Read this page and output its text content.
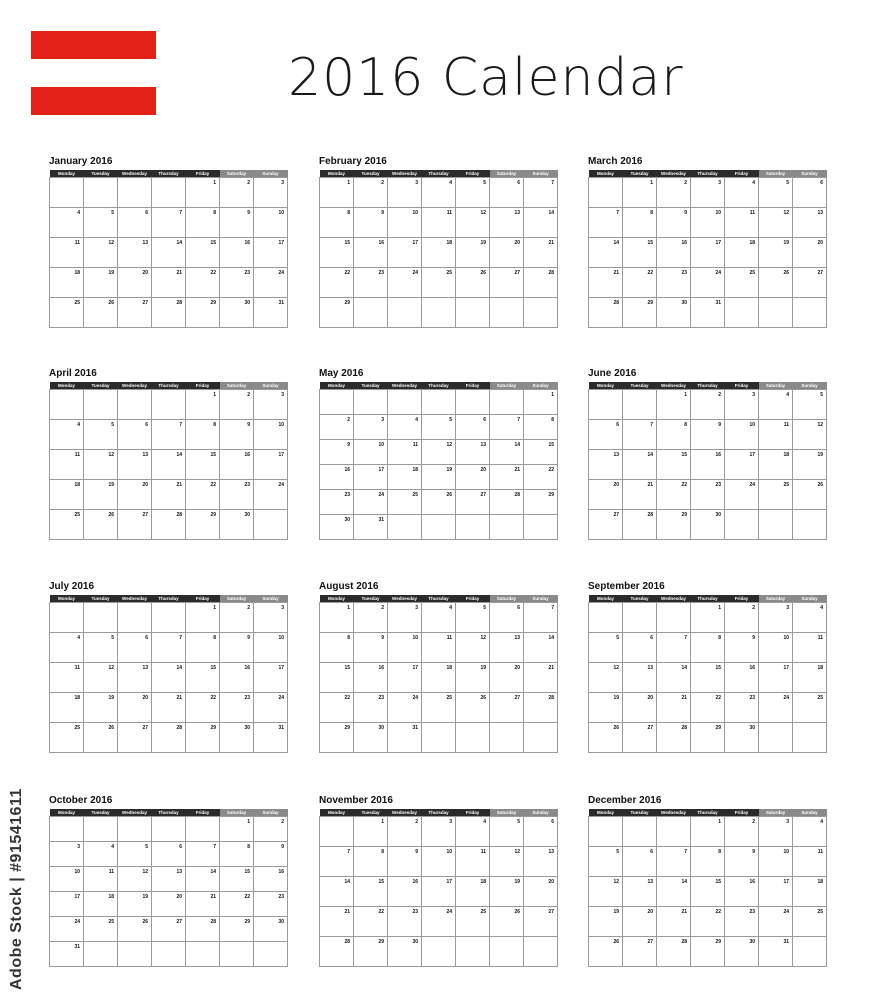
2016 Calendar
January 2016
Monday	Tuesday	Wednesday	Thursday	Friday	Saturday	Sunday

				1	2	3

4	5	6	7	8	9	10

11	12	13	14	15	16	17

18	19	20	21	22	23	24

25	26	27	28	29	30	31
February 2016
Monday	Tuesday	Wednesday	Thursday	Friday	Saturday	Sunday

1	2	3	4	5	6	7

8	9	10	11	12	13	14

15	16	17	18	19	20	21

22	23	24	25	26	27	28

29						

March 2016
Monday	Tuesday	Wednesday	Thursday	Friday	Saturday	Sunday

	1	2	3	4	5	6

7	8	9	10	11	12	13

14	15	16	17	18	19	20

21	22	23	24	25	26	27

28	29	30	31			

April 2016
Monday	Tuesday	Wednesday	Thursday	Friday	Saturday	Sunday

				1	2	3

4	5	6	7	8	9	10

11	12	13	14	15	16	17

18	19	20	21	22	23	24

25	26	27	28	29	30	

May 2016
Monday	Tuesday	Wednesday	Thursday	Friday	Saturday	Sunday

						1

2	3	4	5	6	7	8

9	10	11	12	13	14	15

16	17	18	19	20	21	22

23	24	25	26	27	28	29

30	31					

June 2016
Monday	Tuesday	Wednesday	Thursday	Friday	Saturday	Sunday

		1	2	3	4	5

6	7	8	9	10	11	12

13	14	15	16	17	18	19

20	21	22	23	24	25	26

27	28	29	30			

July 2016
Monday	Tuesday	Wednesday	Thursday	Friday	Saturday	Sunday

				1	2	3

4	5	6	7	8	9	10

11	12	13	14	15	16	17

18	19	20	21	22	23	24

25	26	27	28	29	30	31
August 2016
Monday	Tuesday	Wednesday	Thursday	Friday	Saturday	Sunday

1	2	3	4	5	6	7

8	9	10	11	12	13	14

15	16	17	18	19	20	21

22	23	24	25	26	27	28

29	30	31				

September 2016
Monday	Tuesday	Wednesday	Thursday	Friday	Saturday	Sunday

			1	2	3	4

5	6	7	8	9	10	11

12	13	14	15	16	17	18

19	20	21	22	23	24	25

26	27	28	29	30		

October 2016
Monday	Tuesday	Wednesday	Thursday	Friday	Saturday	Sunday

					1	2

3	4	5	6	7	8	9

10	11	12	13	14	15	16

17	18	19	20	21	22	23

24	25	26	27	28	29	30

31						

November 2016
Monday	Tuesday	Wednesday	Thursday	Friday	Saturday	Sunday

	1	2	3	4	5	6

7	8	9	10	11	12	13

14	15	16	17	18	19	20

21	22	23	24	25	26	27

28	29	30				

December 2016
Monday	Tuesday	Wednesday	Thursday	Friday	Saturday	Sunday

			1	2	3	4

5	6	7	8	9	10	11

12	13	14	15	16	17	18

19	20	21	22	23	24	25

26	27	28	29	30	31	

Adobe Stock | #91541611
